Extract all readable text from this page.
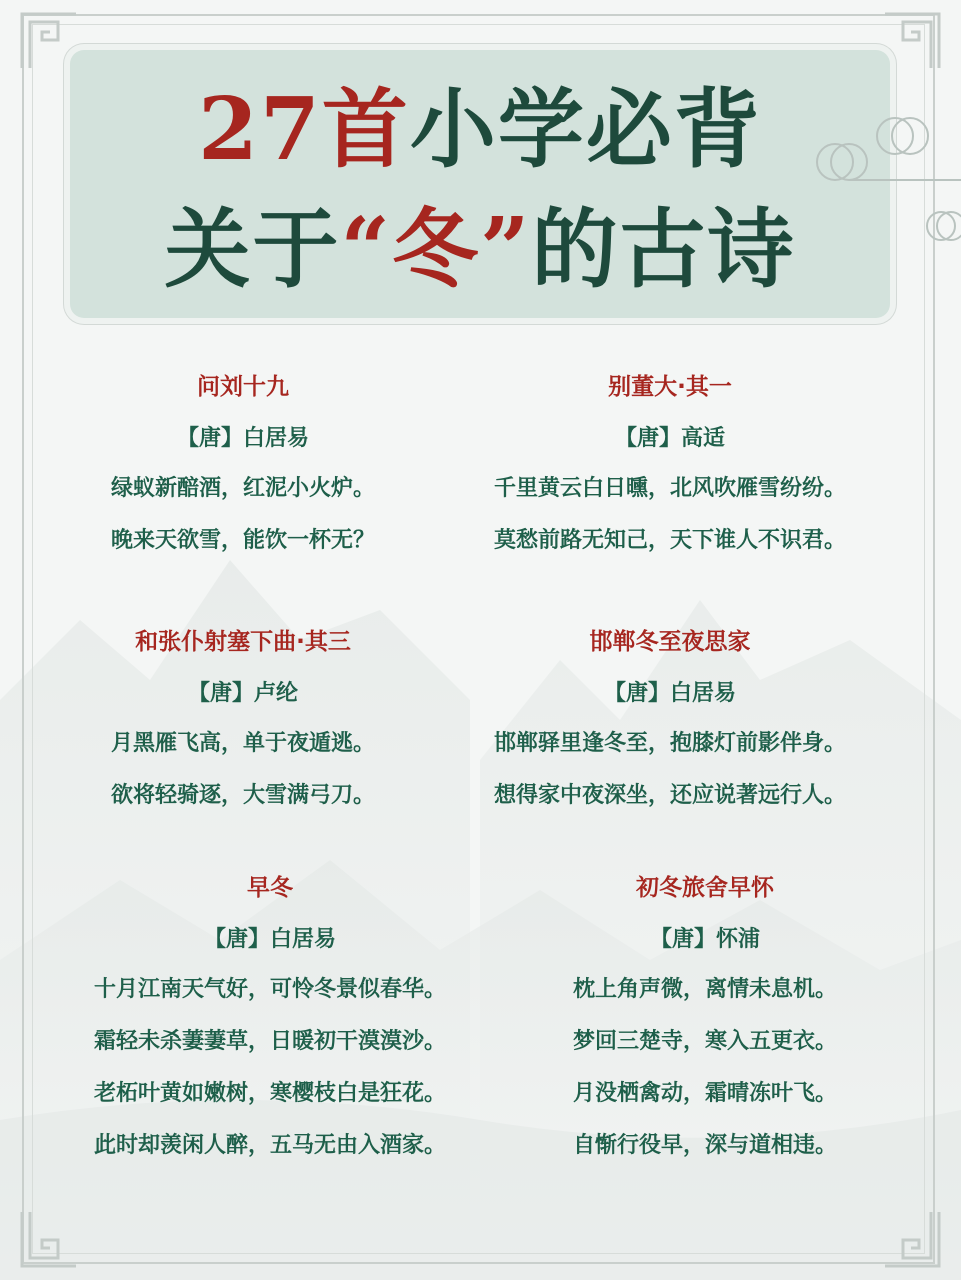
27首小学必背
关于“冬”的古诗
问刘十九
【唐】白居易
绿蚁新醅酒，红泥小火炉。
晚来天欲雪，能饮一杯无？
别董大·其一
【唐】高适
千里黄云白日曛，北风吹雁雪纷纷。
莫愁前路无知己，天下谁人不识君。
和张仆射塞下曲·其三
【唐】卢纶
月黑雁飞高，单于夜遁逃。
欲将轻骑逐，大雪满弓刀。
邯郸冬至夜思家
【唐】白居易
邯郸驿里逢冬至，抱膝灯前影伴身。
想得家中夜深坐，还应说著远行人。
早冬
【唐】白居易
十月江南天气好，可怜冬景似春华。
霜轻未杀萋萋草，日暖初干漠漠沙。
老柘叶黄如嫩树，寒樱枝白是狂花。
此时却羡闲人醉，五马无由入酒家。
初冬旅舍早怀
【唐】怀浦
枕上角声微，离情未息机。
梦回三楚寺，寒入五更衣。
月没栖禽动，霜晴冻叶飞。
自惭行役早，深与道相违。
